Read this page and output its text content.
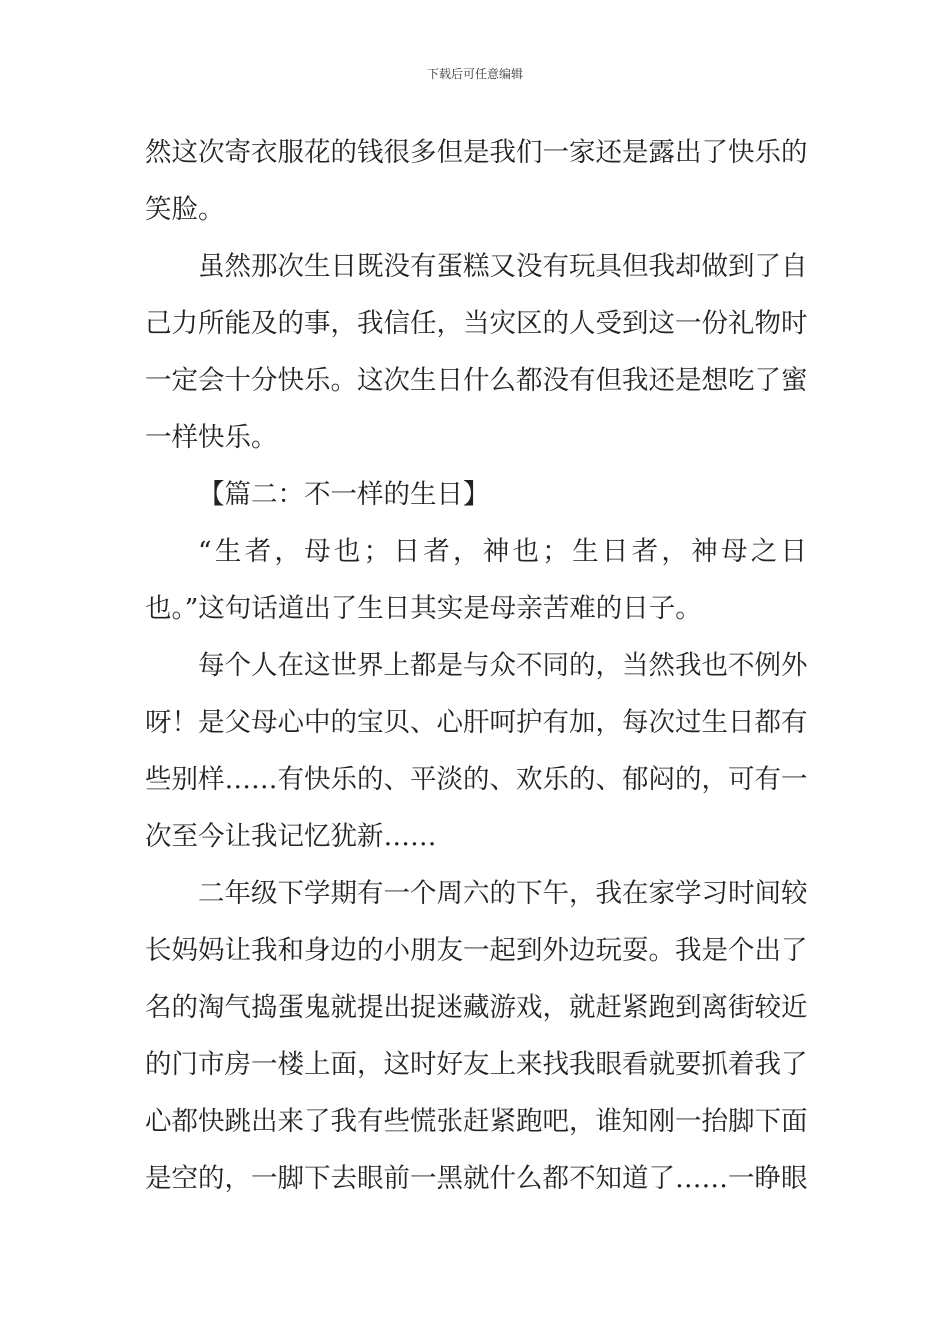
下载后可任意编辑
然这次寄衣服花的钱很多但是我们一家还是露出了快乐的
笑脸。
虽然那次生日既没有蛋糕又没有玩具但我却做到了自
己力所能及的事，我信任，当灾区的人受到这一份礼物时
一定会十分快乐。这次生日什么都没有但我还是想吃了蜜
一样快乐。
【篇二：不一样的生日】
“生者，母也；日者，神也；生日者，神母之日
也。”这句话道出了生日其实是母亲苦难的日子。
每个人在这世界上都是与众不同的，当然我也不例外
呀！是父母心中的宝贝、心肝呵护有加，每次过生日都有
些别样……有快乐的、平淡的、欢乐的、郁闷的，可有一
次至今让我记忆犹新……
二年级下学期有一个周六的下午，我在家学习时间较
长妈妈让我和身边的小朋友一起到外边玩耍。我是个出了
名的淘气捣蛋鬼就提出捉迷藏游戏，就赶紧跑到离街较近
的门市房一楼上面，这时好友上来找我眼看就要抓着我了
心都快跳出来了我有些慌张赶紧跑吧，谁知刚一抬脚下面
是空的，一脚下去眼前一黑就什么都不知道了……一睁眼
